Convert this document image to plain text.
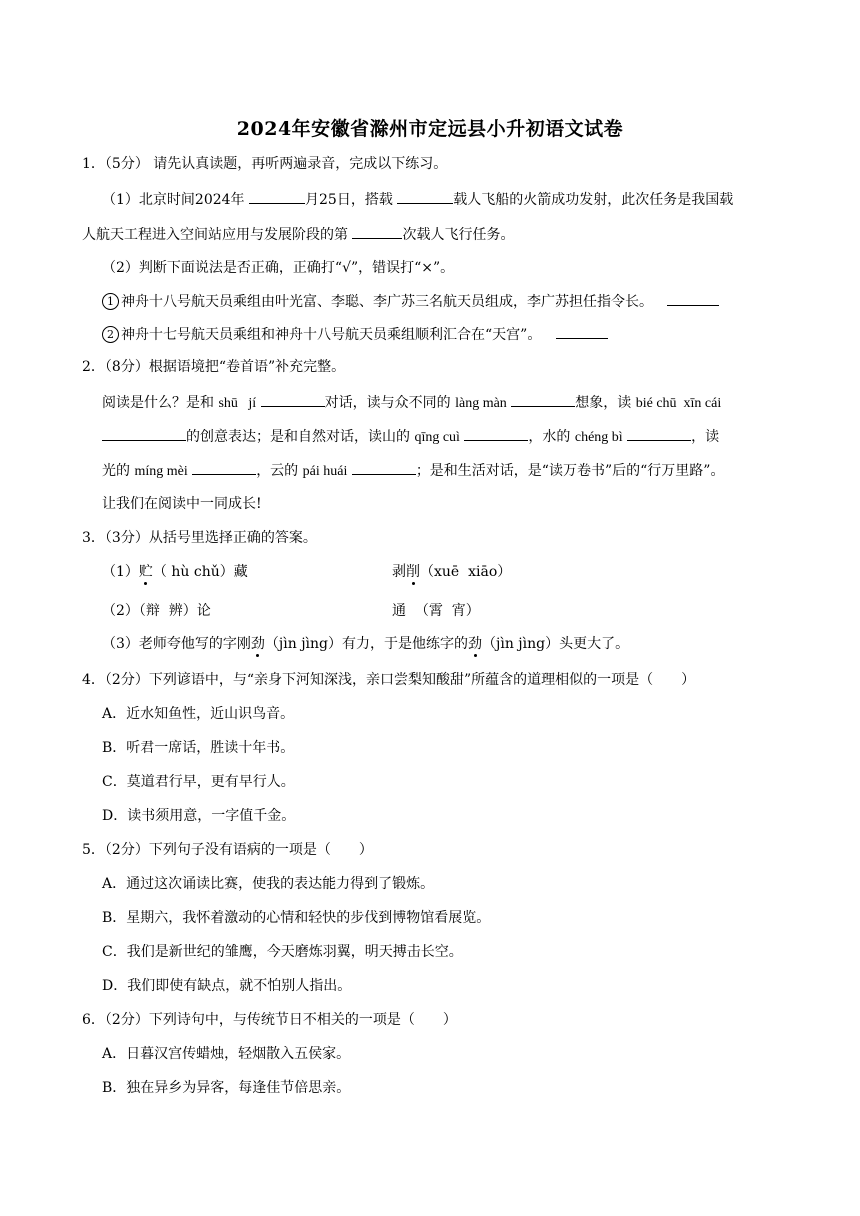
2024年安徽省滁州市定远县小升初语文试卷
1．（5分） 请先认真读题，再听两遍录音，完成以下练习。
（1）北京时间2024年	月25日，搭载	载人飞船的火箭成功发射，此次任务是我国载
人航天工程进入空间站应用与发展阶段的第	次载人飞行任务。
（2）判断下面说法是否正确，正确打“√”，错误打“×”。
1 神舟十八号航天员乘组由叶光富、李聪、李广苏三名航天员组成，李广苏担任指令长。
2 神舟十七号航天员乘组和神舟十八号航天员乘组顺利汇合在“天宫”。
2．（8分）根据语境把“卷首语”补充完整。
阅读是什么？是和 shū   jí	对话，读与众不同的 làng màn	想象，读 bié chū  xīn cái
的创意表达；是和自然对话，读山的 qīng cuì	，水的 chéng bì	，读
光的 míng mèi	，云的 pái huái	；是和生活对话，是“读万卷书”后的“行万里路”。
让我们在阅读中一同成长!
3．（3分）从括号里选择正确的答案。
（1）贮（ hù chǔ）藏	剥削（xuē  xiāo）
（2）（辩  辨）论	通  （霄  宵）
（3）老师夸他写的字刚劲（jìn jìng）有力，于是他练字的劲（jìn jìng）头更大了。
4．（2分）下列谚语中，与“亲身下河知深浅，亲口尝梨知酸甜”所蕴含的道理相似的一项是（　　）
A．近水知鱼性，近山识鸟音。
B．听君一席话，胜读十年书。
C．莫道君行早，更有早行人。
D．读书须用意，一字值千金。
5．（2分）下列句子没有语病的一项是（　　）
A．通过这次诵读比赛，使我的表达能力得到了锻炼。
B．星期六，我怀着激动的心情和轻快的步伐到博物馆看展览。
C．我们是新世纪的雏鹰，今天磨炼羽翼，明天搏击长空。
D．我们即使有缺点，就不怕别人指出。
6．（2分）下列诗句中，与传统节日不相关的一项是（　　）
A．日暮汉宫传蜡烛，轻烟散入五侯家。
B．独在异乡为异客，每逢佳节倍思亲。
